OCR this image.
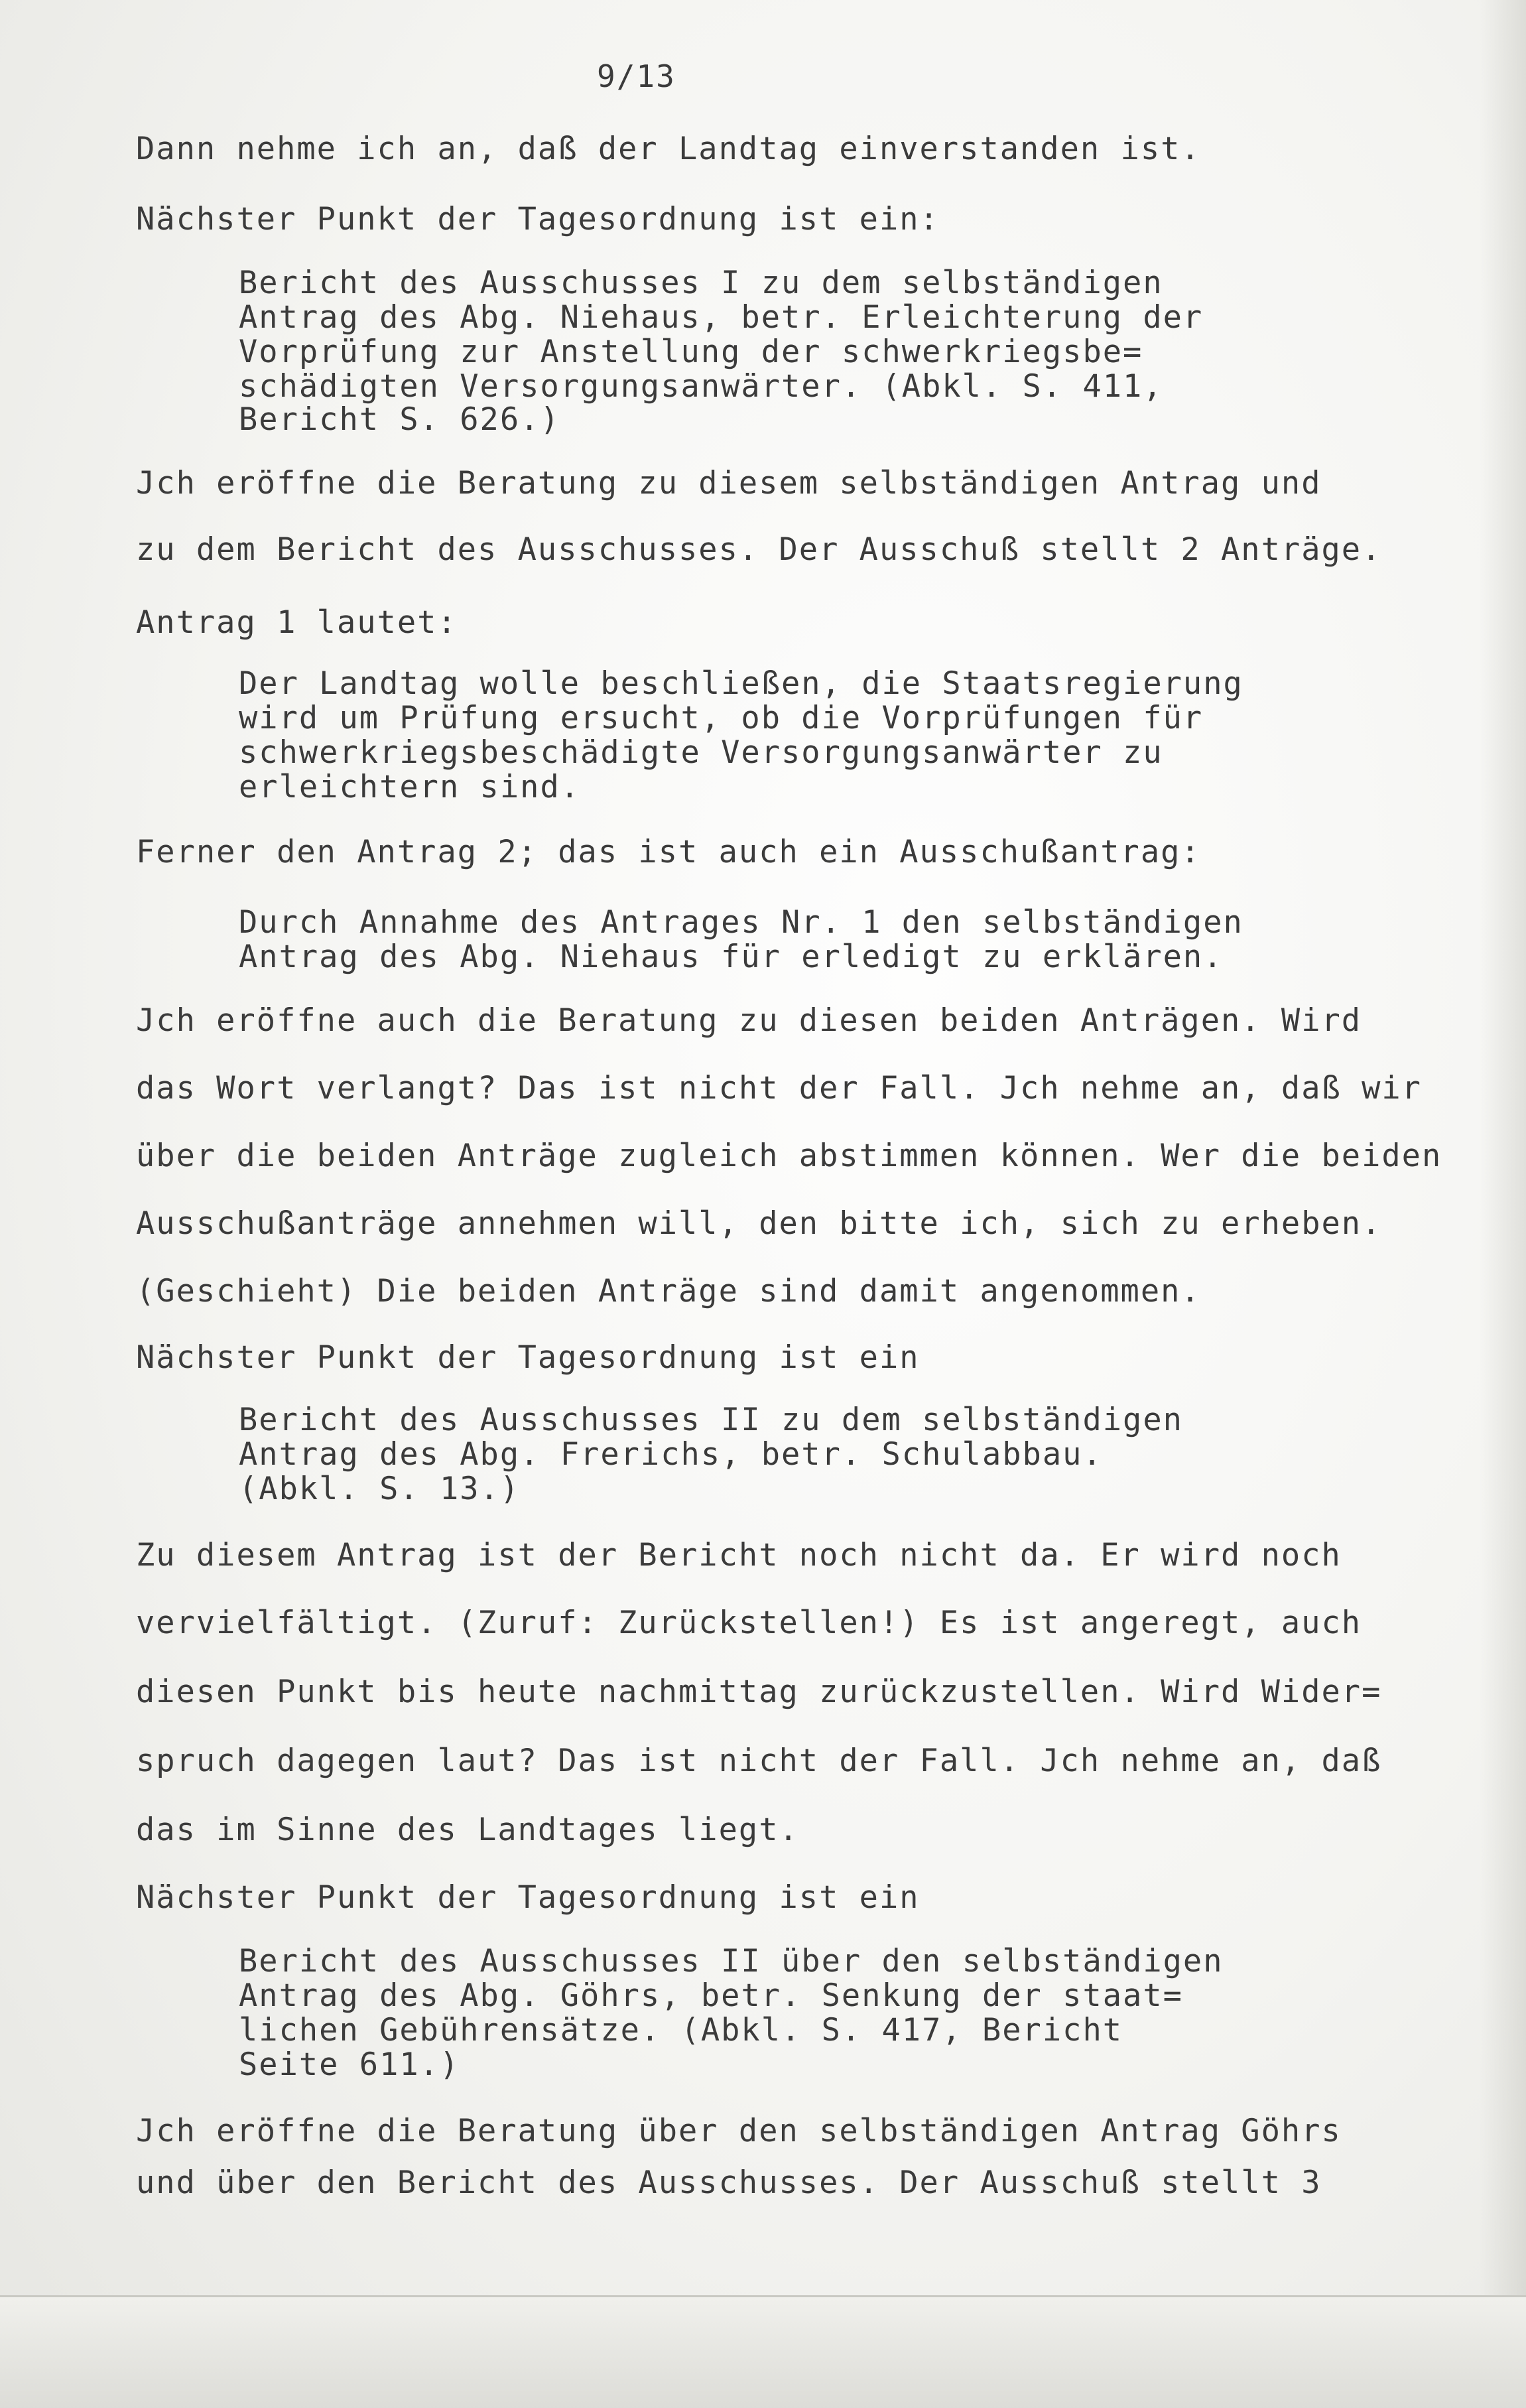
9/13
Dann nehme ich an, daß der Landtag einverstanden ist.
Nächster Punkt der Tagesordnung ist ein:
Bericht des Ausschusses I zu dem selbständigen
Antrag des Abg. Niehaus, betr. Erleichterung der
Vorprüfung zur Anstellung der schwerkriegsbe=
schädigten Versorgungsanwärter. (Abkl. S. 411,
Bericht S. 626.)
Jch eröffne die Beratung zu diesem selbständigen Antrag und
zu dem Bericht des Ausschusses. Der Ausschuß stellt 2 Anträge.
Antrag 1 lautet:
Der Landtag wolle beschließen, die Staatsregierung
wird um Prüfung ersucht, ob die Vorprüfungen für
schwerkriegsbeschädigte Versorgungsanwärter zu
erleichtern sind.
Ferner den Antrag 2; das ist auch ein Ausschußantrag:
Durch Annahme des Antrages Nr. 1 den selbständigen
Antrag des Abg. Niehaus für erledigt zu erklären.
Jch eröffne auch die Beratung zu diesen beiden Anträgen. Wird
das Wort verlangt? Das ist nicht der Fall. Jch nehme an, daß wir
über die beiden Anträge zugleich abstimmen können. Wer die beiden
Ausschußanträge annehmen will, den bitte ich, sich zu erheben.
(Geschieht) Die beiden Anträge sind damit angenommen.
Nächster Punkt der Tagesordnung ist ein
Bericht des Ausschusses II zu dem selbständigen
Antrag des Abg. Frerichs, betr. Schulabbau.
(Abkl. S. 13.)
Zu diesem Antrag ist der Bericht noch nicht da. Er wird noch
vervielfältigt. (Zuruf: Zurückstellen!) Es ist angeregt, auch
diesen Punkt bis heute nachmittag zurückzustellen. Wird Wider=
spruch dagegen laut? Das ist nicht der Fall. Jch nehme an, daß
das im Sinne des Landtages liegt.
Nächster Punkt der Tagesordnung ist ein
Bericht des Ausschusses II über den selbständigen
Antrag des Abg. Göhrs, betr. Senkung der staat=
lichen Gebührensätze. (Abkl. S. 417, Bericht
Seite 611.)
Jch eröffne die Beratung über den selbständigen Antrag Göhrs
und über den Bericht des Ausschusses. Der Ausschuß stellt 3
